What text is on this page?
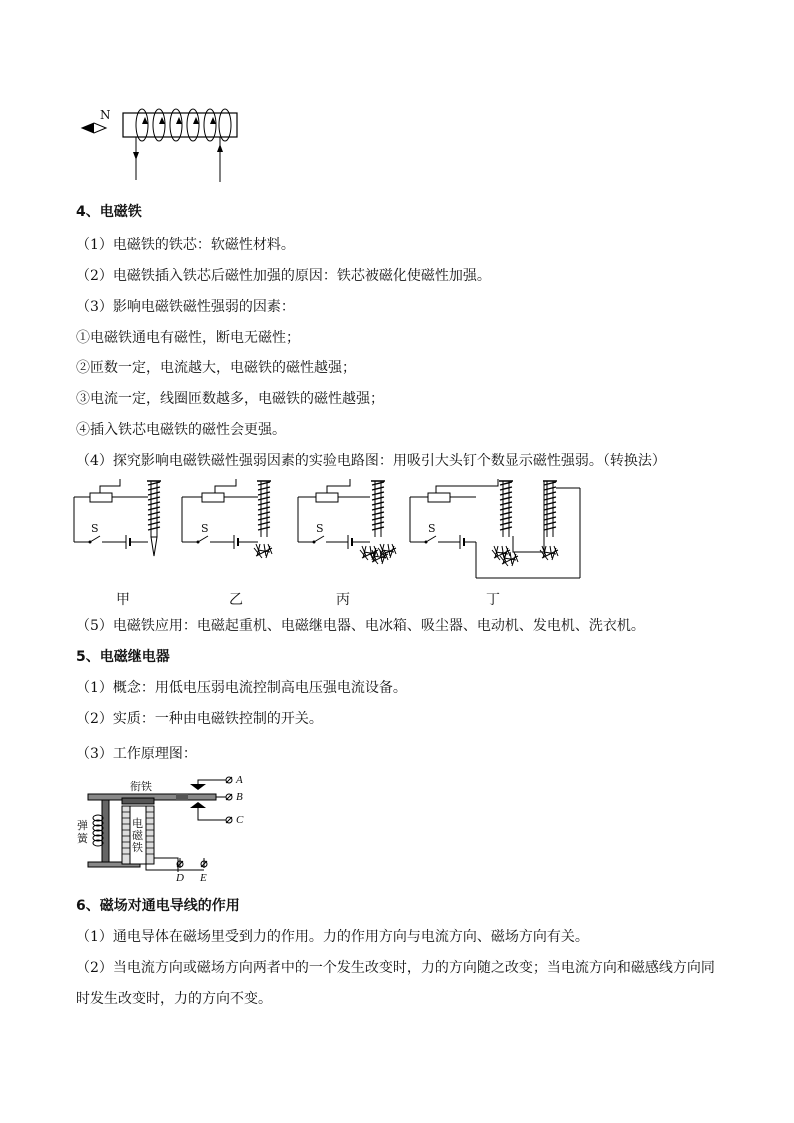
N
4、电磁铁
（1）电磁铁的铁芯：软磁性材料。
（2）电磁铁插入铁芯后磁性加强的原因：铁芯被磁化使磁性加强。
（3）影响电磁铁磁性强弱的因素：
①电磁铁通电有磁性，断电无磁性；
②匝数一定，电流越大，电磁铁的磁性越强；
③电流一定，线圈匝数越多，电磁铁的磁性越强；
④插入铁芯电磁铁的磁性会更强。
（4）探究影响电磁铁磁性强弱因素的实验电路图：用吸引大头钉个数显示磁性强弱。（转换法）
S	S	S	S
甲	乙	丙	丁
（5）电磁铁应用：电磁起重机、电磁继电器、电冰箱、吸尘器、电动机、发电机、洗衣机。
5、电磁继电器
（1）概念：用低电压弱电流控制高电压强电流设备。
（2）实质：一种由电磁铁控制的开关。
（3）工作原理图：
衔铁
弹簧
电磁铁
A
B
C
D E
6、磁场对通电导线的作用
（1）通电导体在磁场里受到力的作用。力的作用方向与电流方向、磁场方向有关。
（2）当电流方向或磁场方向两者中的一个发生改变时，力的方向随之改变；当电流方向和磁感线方向同
时发生改变时，力的方向不变。
